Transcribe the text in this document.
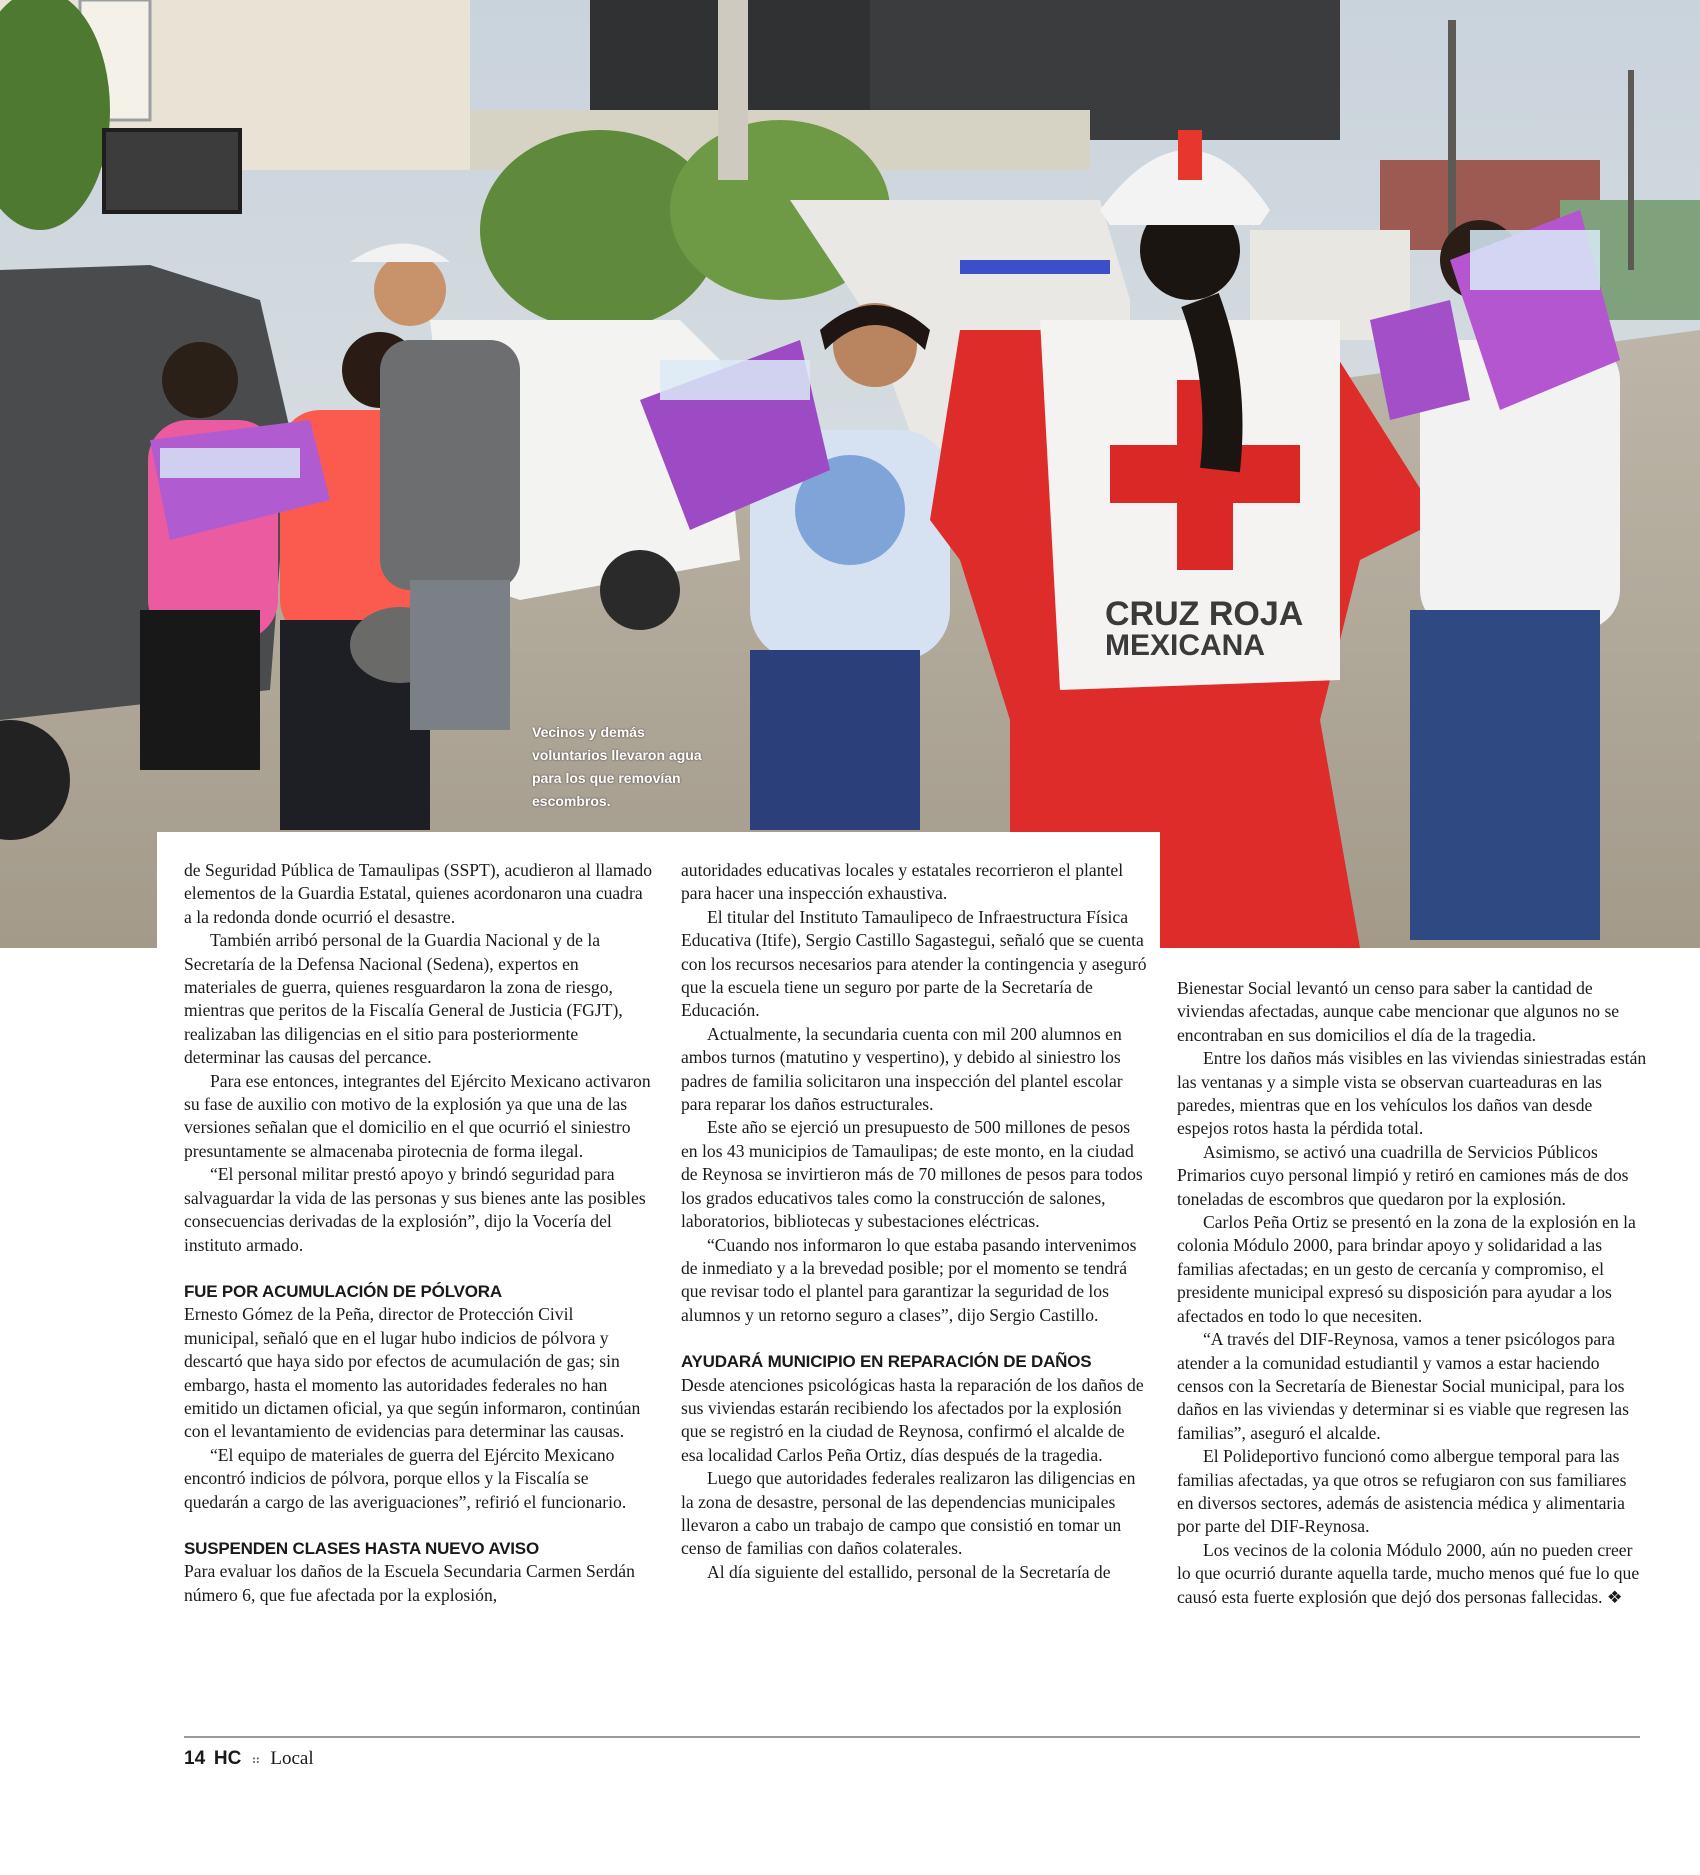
CRUZ ROJA
MEXICANA
Vecinos y demás voluntarios llevaron agua para los que removían escombros.

de Seguridad Pública de Tamaulipas (SSPT), acudieron al llamado elementos de la Guardia Estatal, quienes acordonaron una cuadra a la redonda donde ocurrió el desastre.

También arribó personal de la Guardia Nacional y de la Secretaría de la Defensa Nacional (Sedena), expertos en materiales de guerra, quienes resguardaron la zona de riesgo, mientras que peritos de la Fiscalía General de Justicia (FGJT), realizaban las diligencias en el sitio para posteriormente determinar las causas del percance.

Para ese entonces, integrantes del Ejército Mexicano activaron su fase de auxilio con motivo de la explosión ya que una de las versiones señalan que el domicilio en el que ocurrió el siniestro presuntamente se almacenaba pirotecnia de forma ilegal.

“El personal militar prestó apoyo y brindó seguridad para salvaguardar la vida de las personas y sus bienes ante las posibles consecuencias derivadas de la explosión”, dijo la Vocería del instituto armado.

FUE POR ACUMULACIÓN DE PÓLVORA

Ernesto Gómez de la Peña, director de Protección Civil municipal, señaló que en el lugar hubo indicios de pólvora y descartó que haya sido por efectos de acumulación de gas; sin embargo, hasta el momento las autoridades federales no han emitido un dictamen oficial, ya que según informaron, continúan con el levantamiento de evidencias para determinar las causas.

“El equipo de materiales de guerra del Ejército Mexicano encontró indicios de pólvora, porque ellos y la Fiscalía se quedarán a cargo de las averiguaciones”, refirió el funcionario.

SUSPENDEN CLASES HASTA NUEVO AVISO

Para evaluar los daños de la Escuela Secundaria Carmen Serdán número 6, que fue afectada por la explosión,

autoridades educativas locales y estatales recorrieron el plantel para hacer una inspección exhaustiva.

El titular del Instituto Tamaulipeco de Infraestructura Física Educativa (Itife), Sergio Castillo Sagastegui, señaló que se cuenta con los recursos necesarios para atender la contingencia y aseguró que la escuela tiene un seguro por parte de la Secretaría de Educación.

Actualmente, la secundaria cuenta con mil 200 alumnos en ambos turnos (matutino y vespertino), y debido al siniestro los padres de familia solicitaron una inspección del plantel escolar para reparar los daños estructurales.

Este año se ejerció un presupuesto de 500 millones de pesos en los 43 municipios de Tamaulipas; de este monto, en la ciudad de Reynosa se invirtieron más de 70 millones de pesos para todos los grados educativos tales como la construcción de salones, laboratorios, bibliotecas y subestaciones eléctricas.

“Cuando nos informaron lo que estaba pasando intervenimos de inmediato y a la brevedad posible; por el momento se tendrá que revisar todo el plantel para garantizar la seguridad de los alumnos y un retorno seguro a clases”, dijo Sergio Castillo.

AYUDARÁ MUNICIPIO EN REPARACIÓN DE DAÑOS

Desde atenciones psicológicas hasta la reparación de los daños de sus viviendas estarán recibiendo los afectados por la explosión que se registró en la ciudad de Reynosa, confirmó el alcalde de esa localidad Carlos Peña Ortiz, días después de la tragedia.

Luego que autoridades federales realizaron las diligencias en la zona de desastre, personal de las dependencias municipales llevaron a cabo un trabajo de campo que consistió en tomar un censo de familias con daños colaterales.

Al día siguiente del estallido, personal de la Secretaría de

Bienestar Social levantó un censo para saber la cantidad de viviendas afectadas, aunque cabe mencionar que algunos no se encontraban en sus domicilios el día de la tragedia.

Entre los daños más visibles en las viviendas siniestradas están las ventanas y a simple vista se observan cuarteaduras en las paredes, mientras que en los vehículos los daños van desde espejos rotos hasta la pérdida total.

Asimismo, se activó una cuadrilla de Servicios Públicos Primarios cuyo personal limpió y retiró en camiones más de dos toneladas de escombros que quedaron por la explosión.

Carlos Peña Ortiz se presentó en la zona de la explosión en la colonia Módulo 2000, para brindar apoyo y solidaridad a las familias afectadas; en un gesto de cercanía y compromiso, el presidente municipal expresó su disposición para ayudar a los afectados en todo lo que necesiten.

“A través del DIF-Reynosa, vamos a tener psicólogos para atender a la comunidad estudiantil y vamos a estar haciendo censos con la Secretaría de Bienestar Social municipal, para los daños en las viviendas y determinar si es viable que regresen las familias”, aseguró el alcalde.

El Polideportivo funcionó como albergue temporal para las familias afectadas, ya que otros se refugiaron con sus familiares en diversos sectores, además de asistencia médica y alimentaria por parte del DIF-Reynosa.

Los vecinos de la colonia Módulo 2000, aún no pueden creer lo que ocurrió durante aquella tarde, mucho menos qué fue lo que causó esta fuerte explosión que dejó dos personas fallecidas. ❖

14 HC ⠶ Local
